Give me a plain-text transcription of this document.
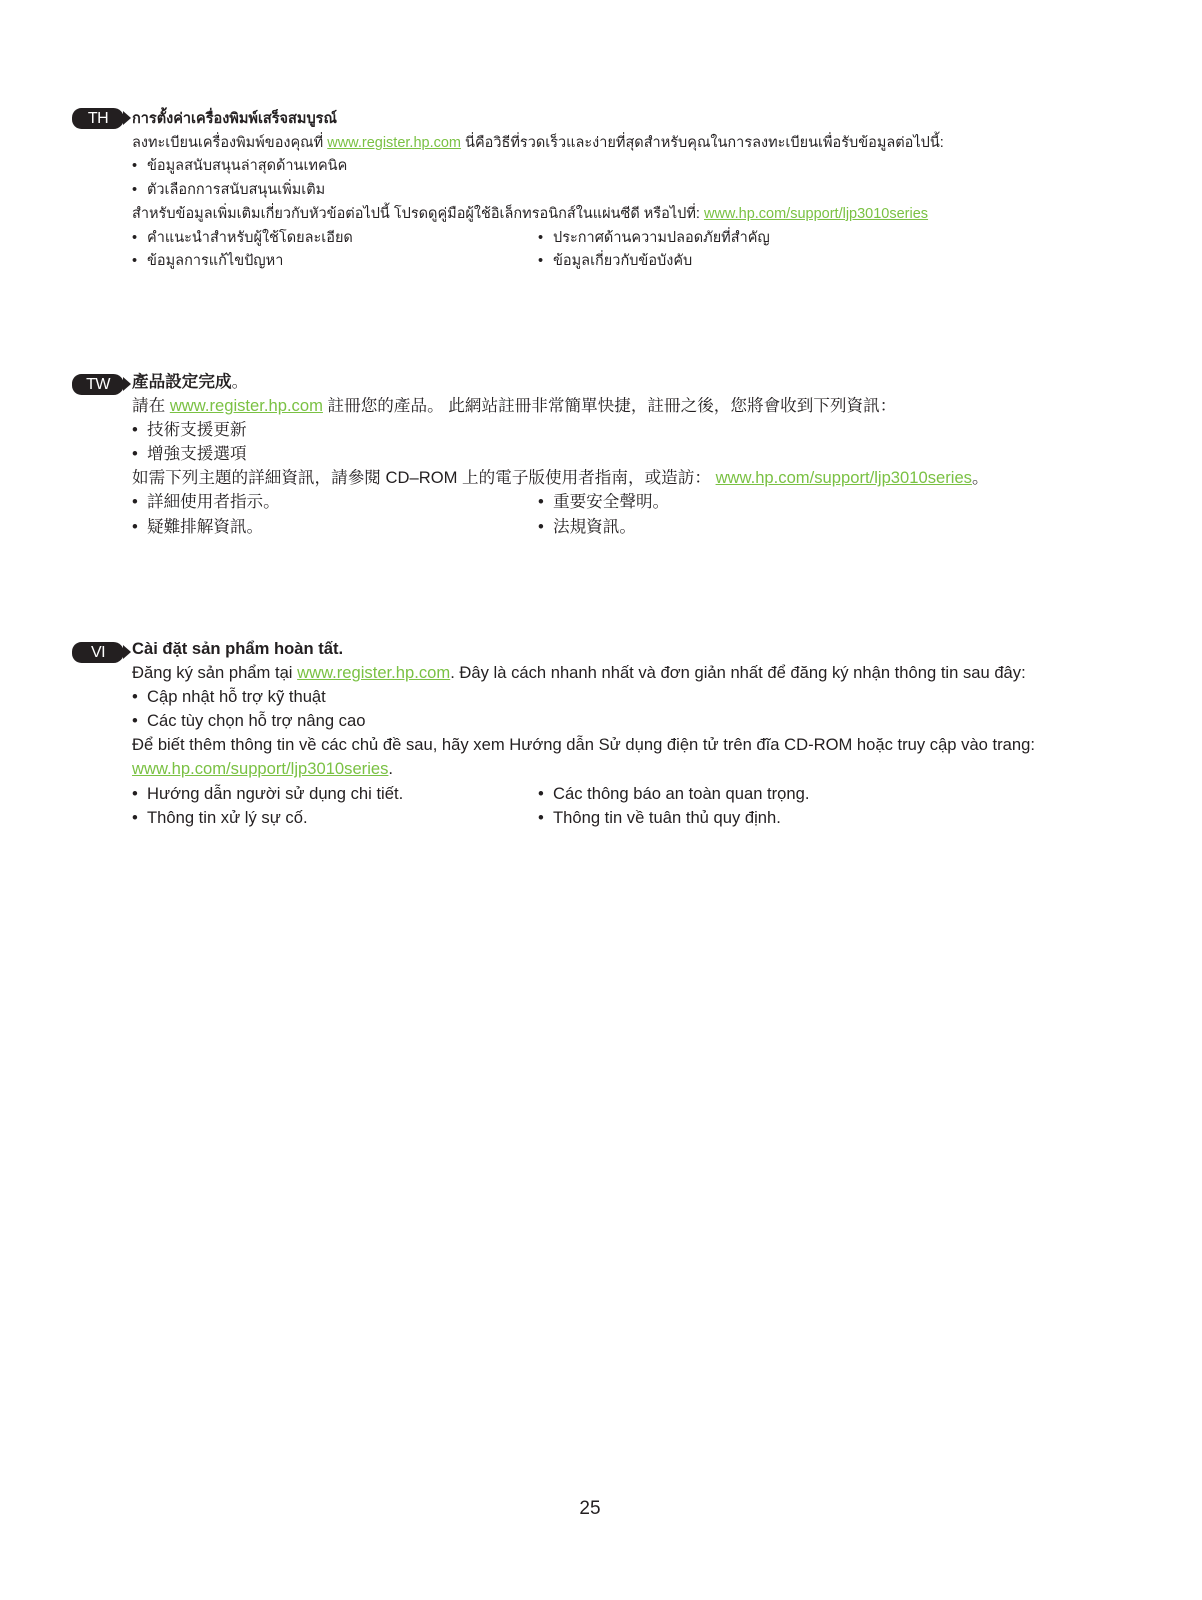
TH	การตั้งค่าเครื่องพิมพ์เสร็จสมบูรณ์
ลงทะเบียนเครื่องพิมพ์ของคุณที่ www.register.hp.com นี่คือวิธีที่รวดเร็วและง่ายที่สุดสำหรับคุณในการลงทะเบียนเพื่อรับข้อมูลต่อไปนี้:
• ข้อมูลสนับสนุนล่าสุดด้านเทคนิค
• ตัวเลือกการสนับสนุนเพิ่มเติม
สำหรับข้อมูลเพิ่มเติมเกี่ยวกับหัวข้อต่อไปนี้ โปรดดูคู่มือผู้ใช้อิเล็กทรอนิกส์ในแผ่นซีดี หรือไปที่: www.hp.com/support/ljp3010series
• คำแนะนำสำหรับผู้ใช้โดยละเอียด	• ประกาศด้านความปลอดภัยที่สำคัญ
• ข้อมูลการแก้ไขปัญหา	• ข้อมูลเกี่ยวกับข้อบังคับ
TW	產品設定完成。
請在 www.register.hp.com 註冊您的產品。 此網站註冊非常簡單快捷，註冊之後，您將會收到下列資訊：
• 技術支援更新
• 增強支援選項
如需下列主題的詳細資訊，請參閱 CD–ROM 上的電子版使用者指南，或造訪： www.hp.com/support/ljp3010series。
• 詳細使用者指示。	• 重要安全聲明。
• 疑難排解資訊。	• 法規資訊。
VI	Cài đặt sản phẩm hoàn tất.
Đăng ký sản phẩm tại www.register.hp.com. Đây là cách nhanh nhất và đơn giản nhất để đăng ký nhận thông tin sau đây:
• Cập nhật hỗ trợ kỹ thuật
• Các tùy chọn hỗ trợ nâng cao
Để biết thêm thông tin về các chủ đề sau, hãy xem Hướng dẫn Sử dụng điện tử trên đĩa CD-ROM hoặc truy cập vào trang:
www.hp.com/support/ljp3010series.
• Hướng dẫn người sử dụng chi tiết.	• Các thông báo an toàn quan trọng.
• Thông tin xử lý sự cố.	• Thông tin về tuân thủ quy định.
25
